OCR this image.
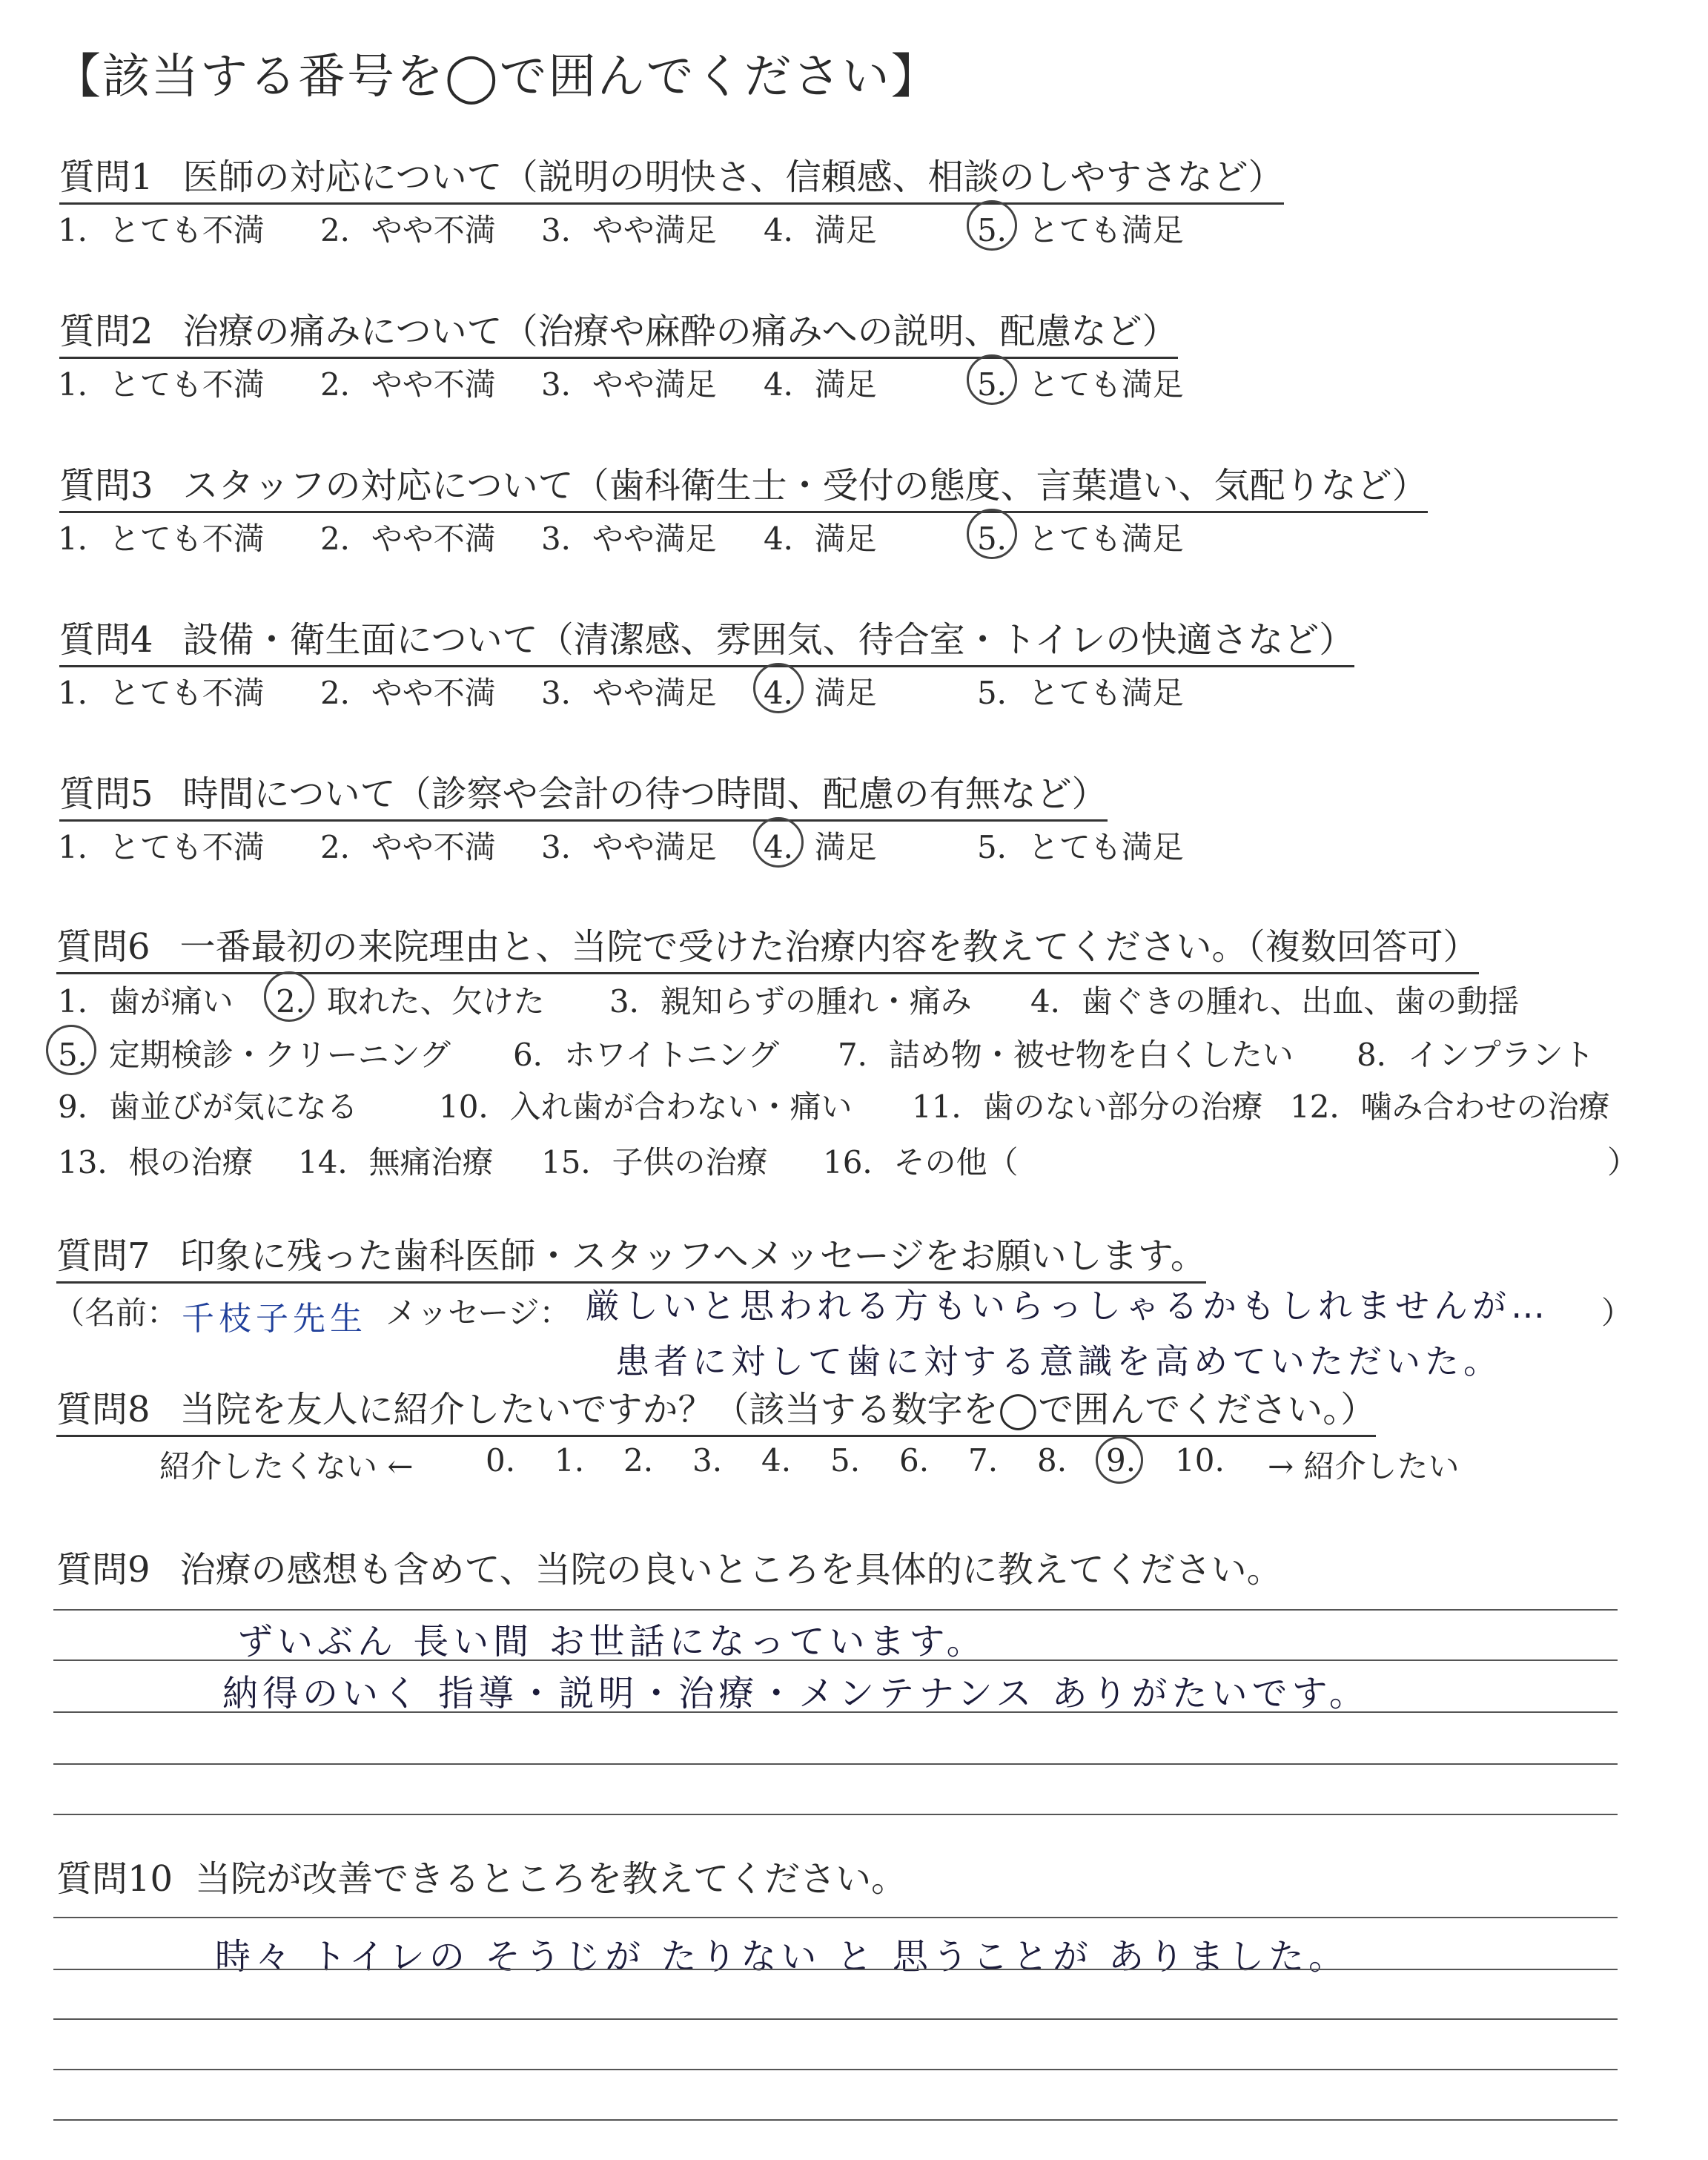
【該当する番号を◯で囲んでください】
質問1 医師の対応について（説明の明快さ、信頼感、相談のしやすさなど）
1．とても不満 2．やや不満 3．やや満足 4．満足	5．とても満足
質問2 治療の痛みについて（治療や麻酔の痛みへの説明、配慮など）
1．とても不満 2．やや不満 3．やや満足 4．満足	5．とても満足
質問3 スタッフの対応について（歯科衛生士・受付の態度、言葉遣い、気配りなど）
1．とても不満 2．やや不満 3．やや満足 4．満足	5．とても満足
質問4 設備・衛生面について（清潔感、雰囲気、待合室・トイレの快適さなど）
1．とても不満 2．やや不満 3．やや満足 4．満足	5．とても満足
質問5 時間について（診察や会計の待つ時間、配慮の有無など）
1．とても不満 2．やや不満 3．やや満足 4．満足	5．とても満足
質問6 一番最初の来院理由と、当院で受けた治療内容を教えてください。（複数回答可）
1．歯が痛い 2．取れた、欠けた 3．親知らずの腫れ・痛み 4．歯ぐきの腫れ、出血、歯の動揺
5．定期検診・クリーニング 6．ホワイトニング 7．詰め物・被せ物を白くしたい 8．インプラント
9．歯並びが気になる	10．入れ歯が合わない・痛い 11．歯のない部分の治療 12．噛み合わせの治療
13．根の治療 14．無痛治療 15．子供の治療 16．その他（	）
質問7 印象に残った歯科医師・スタッフへメッセージをお願いします。
（名前： 千枝子先生 メッセージ： 厳しいと思われる方もいらっしゃるかもしれませんが…
患者に対して歯に対する意識を高めていただいた。
）
質問8 当院を友人に紹介したいですか？（該当する数字を◯で囲んでください。）
紹介したくない ← 0. 1. 2. 3. 4. 5. 6. 7. 8. 9. 10. → 紹介したい
質問9 治療の感想も含めて、当院の良いところを具体的に教えてください。
ずいぶん 長い間 お世話になっています。
納得のいく 指導・説明・治療・メンテナンス ありがたいです。
質問10 当院が改善できるところを教えてください。
時々 トイレの そうじが たりない と 思うことが ありました。
